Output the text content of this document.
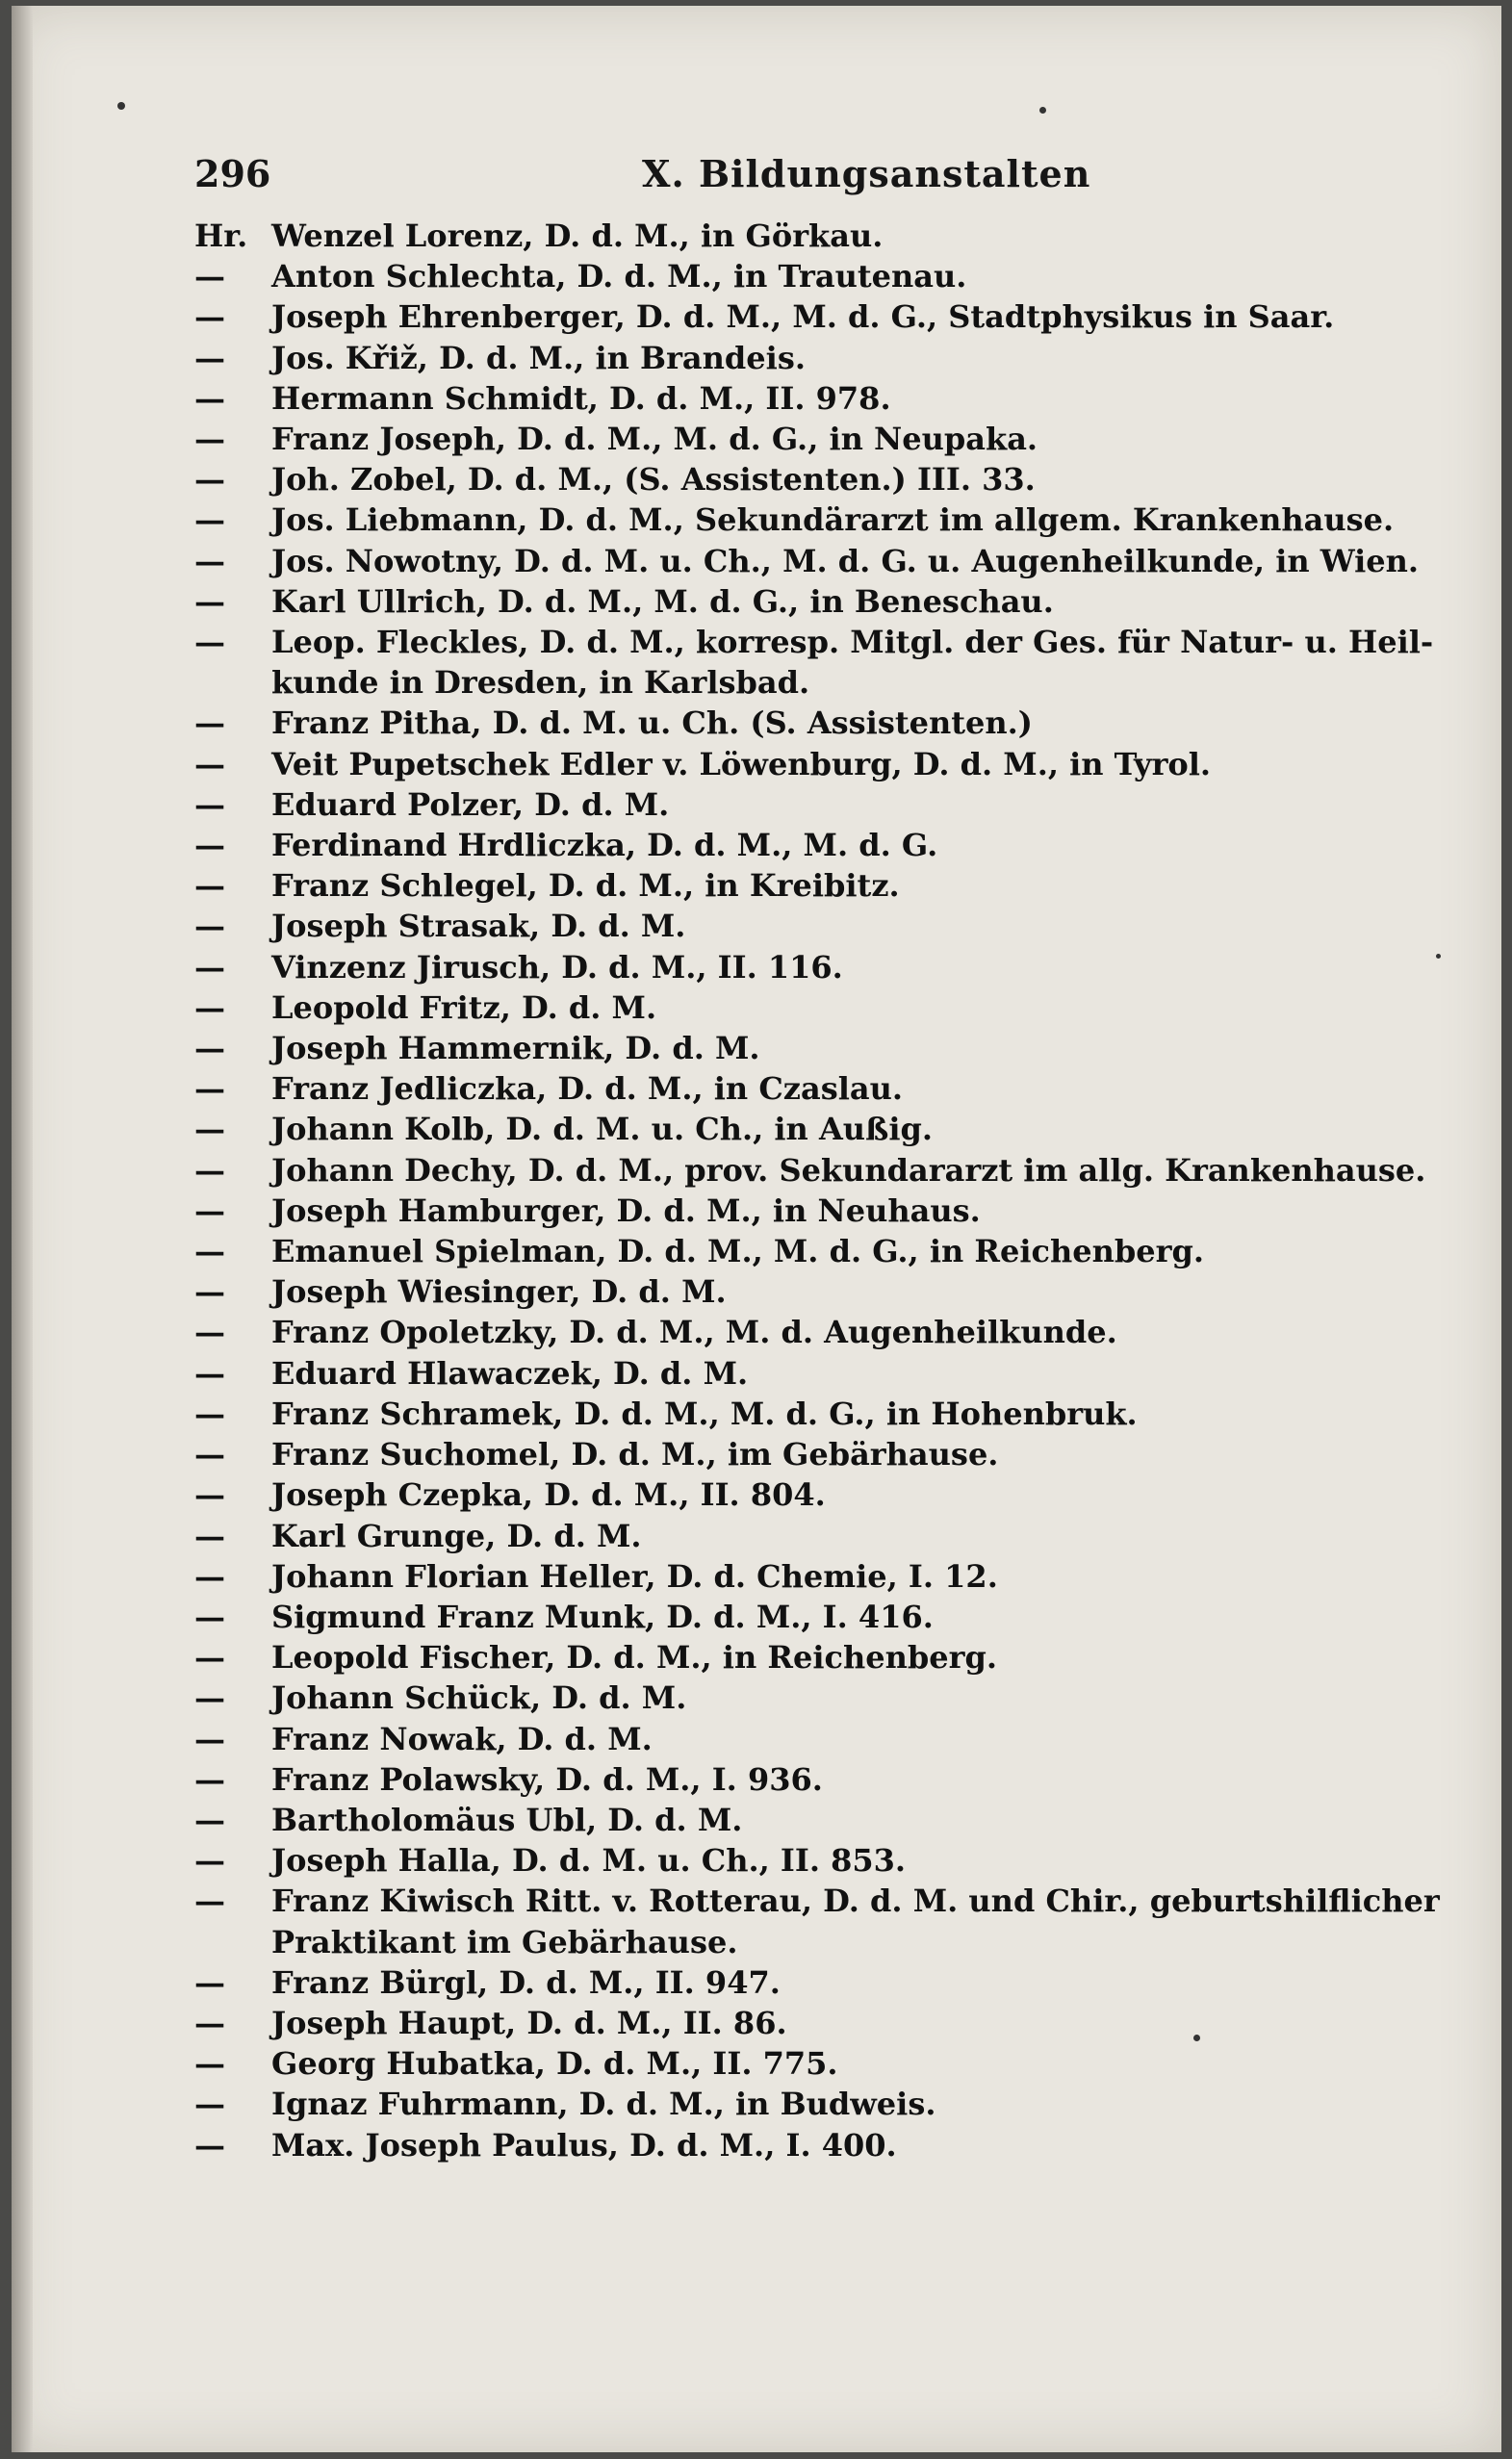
296	X. Bildungsanstalten
Hr. Wenzel Lorenz, D. d. M., in Görkau.
—	Anton Schlechta, D. d. M., in Trautenau.
—	Joseph Ehrenberger, D. d. M., M. d. G., Stadtphysikus in Saar.
—	Jos. Křiž, D. d. M., in Brandeis.
—	Hermann Schmidt, D. d. M., II. 978.
—	Franz Joseph, D. d. M., M. d. G., in Neupaka.
—	Joh. Zobel, D. d. M., (S. Assistenten.) III. 33.
—	Jos. Liebmann, D. d. M., Sekundärarzt im allgem. Krankenhause.
—	Jos. Nowotny, D. d. M. u. Ch., M. d. G. u. Augenheilkunde, in Wien.
—	Karl Ullrich, D. d. M., M. d. G., in Beneschau.
—	Leop. Fleckles, D. d. M., korresp. Mitgl. der Ges. für Natur- u. Heil-
kunde in Dresden, in Karlsbad.
—	Franz Pitha, D. d. M. u. Ch. (S. Assistenten.)
—	Veit Pupetschek Edler v. Löwenburg, D. d. M., in Tyrol.
—	Eduard Polzer, D. d. M.
—	Ferdinand Hrdliczka, D. d. M., M. d. G.
—	Franz Schlegel, D. d. M., in Kreibitz.
—	Joseph Strasak, D. d. M.
—	Vinzenz Jirusch, D. d. M., II. 116.
—	Leopold Fritz, D. d. M.
—	Joseph Hammernik, D. d. M.
—	Franz Jedliczka, D. d. M., in Czaslau.
—	Johann Kolb, D. d. M. u. Ch., in Außig.
—	Johann Dechy, D. d. M., prov. Sekundararzt im allg. Krankenhause.
—	Joseph Hamburger, D. d. M., in Neuhaus.
—	Emanuel Spielman, D. d. M., M. d. G., in Reichenberg.
—	Joseph Wiesinger, D. d. M.
—	Franz Opoletzky, D. d. M., M. d. Augenheilkunde.
—	Eduard Hlawaczek, D. d. M.
—	Franz Schramek, D. d. M., M. d. G., in Hohenbruk.
—	Franz Suchomel, D. d. M., im Gebärhause.
—	Joseph Czepka, D. d. M., II. 804.
—	Karl Grunge, D. d. M.
—	Johann Florian Heller, D. d. Chemie, I. 12.
—	Sigmund Franz Munk, D. d. M., I. 416.
—	Leopold Fischer, D. d. M., in Reichenberg.
—	Johann Schück, D. d. M.
—	Franz Nowak, D. d. M.
—	Franz Polawsky, D. d. M., I. 936.
—	Bartholomäus Ubl, D. d. M.
—	Joseph Halla, D. d. M. u. Ch., II. 853.
—	Franz Kiwisch Ritt. v. Rotterau, D. d. M. und Chir., geburtshilflicher
Praktikant im Gebärhause.
—	Franz Bürgl, D. d. M., II. 947.
—	Joseph Haupt, D. d. M., II. 86.
—	Georg Hubatka, D. d. M., II. 775.
—	Ignaz Fuhrmann, D. d. M., in Budweis.
—	Max. Joseph Paulus, D. d. M., I. 400.
